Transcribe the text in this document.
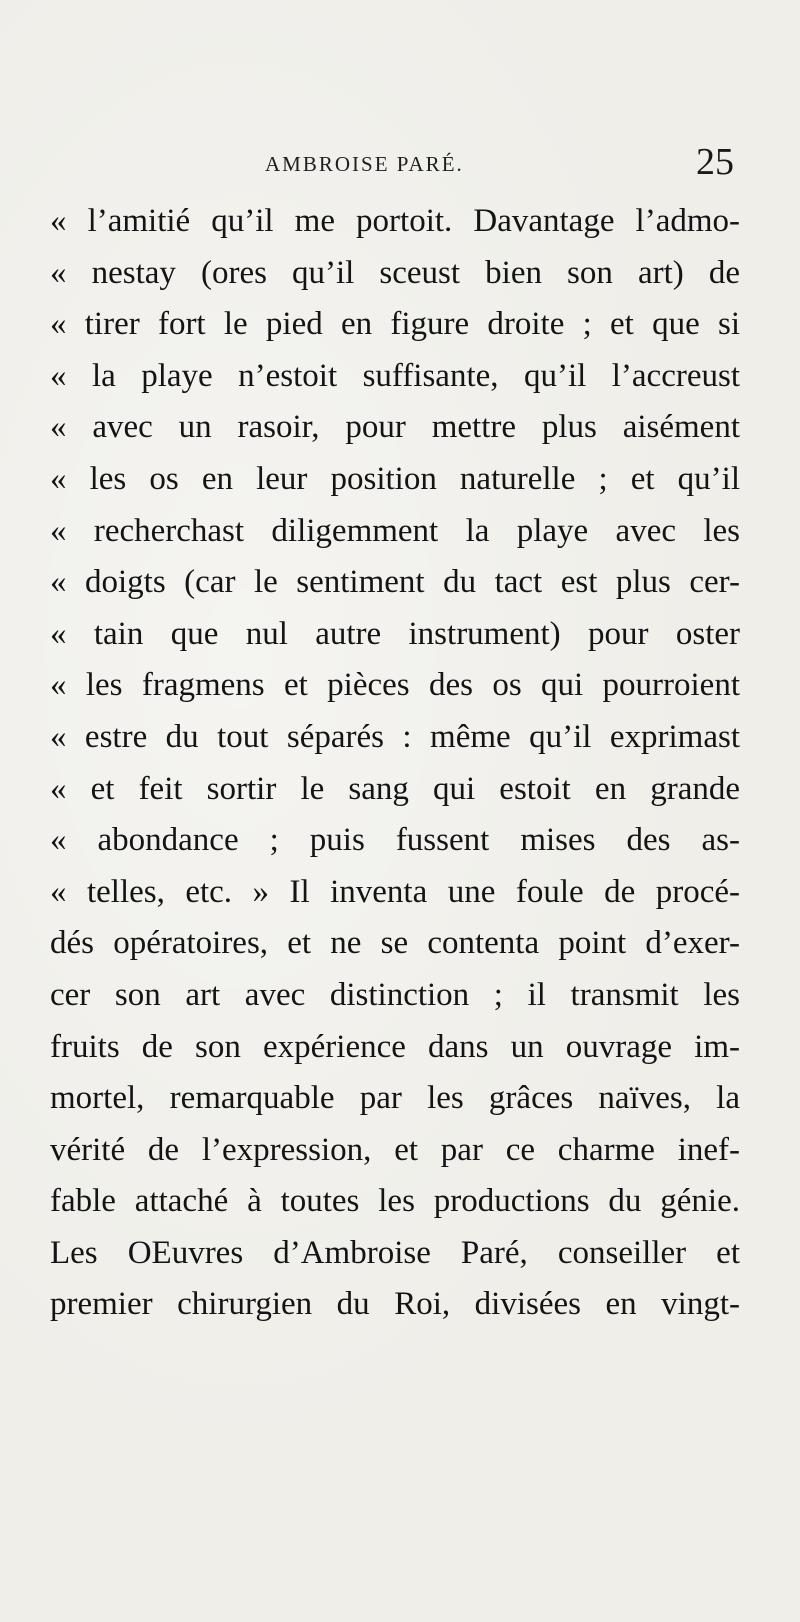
AMBROISE PARÉ.	25
« l’amitié qu’il me portoit. Davantage l’admo-
« nestay (ores qu’il sceust bien son art) de
« tirer fort le pied en figure droite ; et que si
« la playe n’estoit suffisante, qu’il l’accreust
« avec un rasoir, pour mettre plus aisément
« les os en leur position naturelle ; et qu’il
« recherchast diligemment la playe avec les
« doigts (car le sentiment du tact est plus cer-
« tain que nul autre instrument) pour oster
« les fragmens et pièces des os qui pourroient
« estre du tout séparés : même qu’il exprimast
« et feit sortir le sang qui estoit en grande
« abondance ; puis fussent mises des as-
« telles, etc. » Il inventa une foule de procé-
dés opératoires, et ne se contenta point d’exer-
cer son art avec distinction ; il transmit les
fruits de son expérience dans un ouvrage im-
mortel, remarquable par les grâces naïves, la
vérité de l’expression, et par ce charme inef-
fable attaché à toutes les productions du génie.
Les OEuvres d’Ambroise Paré, conseiller et
premier chirurgien du Roi, divisées en vingt-
